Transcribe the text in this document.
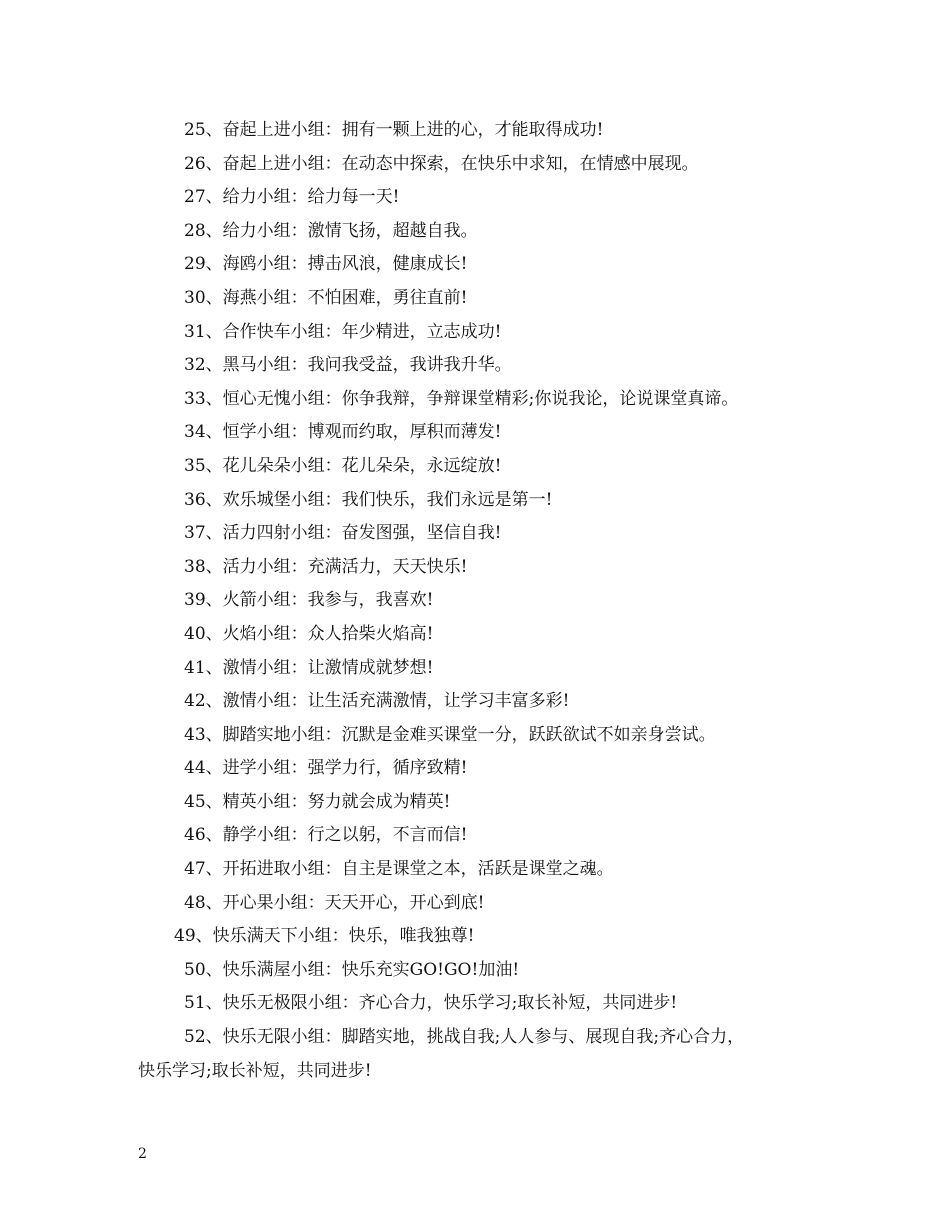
25、奋起上进小组：拥有一颗上进的心，才能取得成功!
26、奋起上进小组：在动态中探索，在快乐中求知，在情感中展现。
27、给力小组：给力每一天!
28、给力小组：激情飞扬，超越自我。
29、海鸥小组：搏击风浪，健康成长!
30、海燕小组：不怕困难，勇往直前!
31、合作快车小组：年少精进，立志成功!
32、黑马小组：我问我受益，我讲我升华。
33、恒心无愧小组：你争我辩，争辩课堂精彩;你说我论，论说课堂真谛。
34、恒学小组：博观而约取，厚积而薄发!
35、花儿朵朵小组：花儿朵朵，永远绽放!
36、欢乐城堡小组：我们快乐，我们永远是第一!
37、活力四射小组：奋发图强，坚信自我!
38、活力小组：充满活力，天天快乐!
39、火箭小组：我参与，我喜欢!
40、火焰小组：众人拾柴火焰高!
41、激情小组：让激情成就梦想!
42、激情小组：让生活充满激情，让学习丰富多彩!
43、脚踏实地小组：沉默是金难买课堂一分，跃跃欲试不如亲身尝试。
44、进学小组：强学力行，循序致精!
45、精英小组：努力就会成为精英!
46、静学小组：行之以躬，不言而信!
47、开拓进取小组：自主是课堂之本，活跃是课堂之魂。
48、开心果小组：天天开心，开心到底!
49、快乐满天下小组：快乐，唯我独尊!
50、快乐满屋小组：快乐充实GO!GO!加油!
51、快乐无极限小组：齐心合力，快乐学习;取长补短，共同进步!
52、快乐无限小组：脚踏实地，挑战自我;人人参与、展现自我;齐心合力，
快乐学习;取长补短，共同进步!
2
